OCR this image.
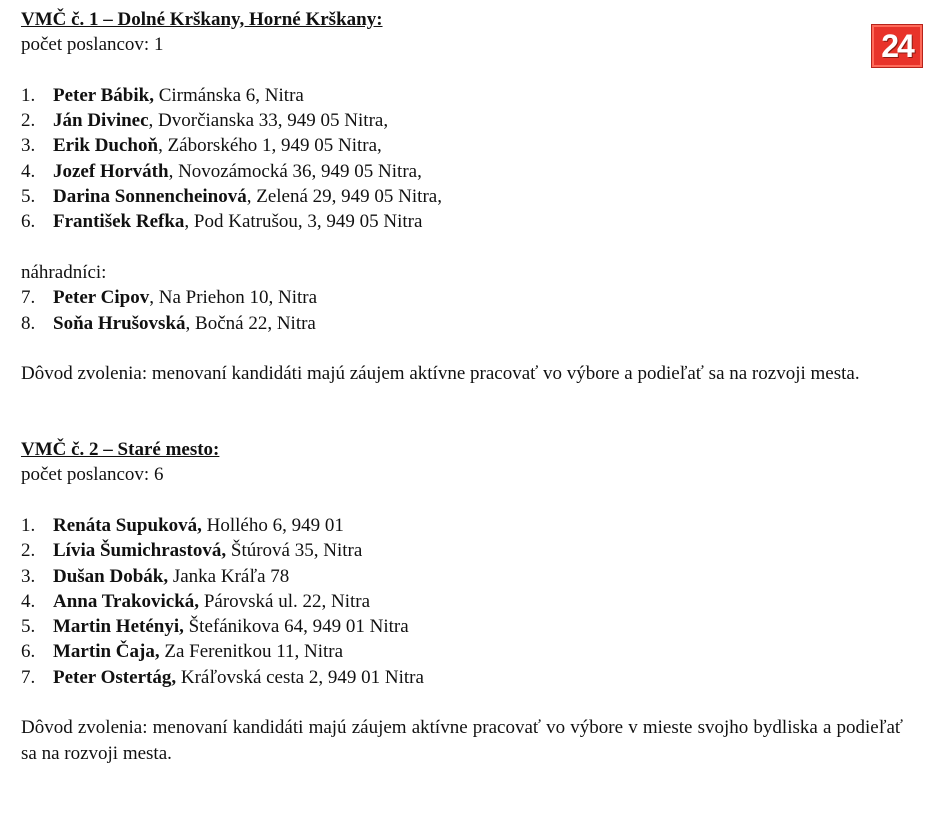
24
VMČ č. 1 – Dolné Krškany, Horné Krškany:
počet poslancov: 1
1. Peter Bábik, Cirmánska 6, Nitra
2. Ján Divinec, Dvorčianska 33, 949 05 Nitra,
3. Erik Duchoň, Záborského 1, 949 05 Nitra,
4. Jozef Horváth, Novozámocká 36, 949 05 Nitra,
5. Darina Sonnencheinová, Zelená 29, 949 05 Nitra,
6. František Refka, Pod Katrušou, 3, 949 05 Nitra
náhradníci:
7. Peter Cipov, Na Priehon 10, Nitra
8. Soňa Hrušovská, Bočná 22, Nitra
Dôvod zvolenia: menovaní kandidáti majú záujem aktívne pracovať vo výbore a podieľať sa na rozvoji mesta.
VMČ č. 2 – Staré mesto:
počet poslancov: 6
1. Renáta Supuková, Hollého 6, 949 01
2. Lívia Šumichrastová, Štúrová 35, Nitra
3. Dušan Dobák, Janka Kráľa 78
4. Anna Trakovická, Párovská ul. 22, Nitra
5. Martin Hetényi, Štefánikova 64, 949 01 Nitra
6. Martin Čaja, Za Ferenitkou 11, Nitra
7. Peter Ostertág, Kráľovská cesta 2, 949 01 Nitra
Dôvod zvolenia: menovaní kandidáti majú záujem aktívne pracovať vo výbore v mieste svojho bydliska a podieľať sa na rozvoji mesta.
